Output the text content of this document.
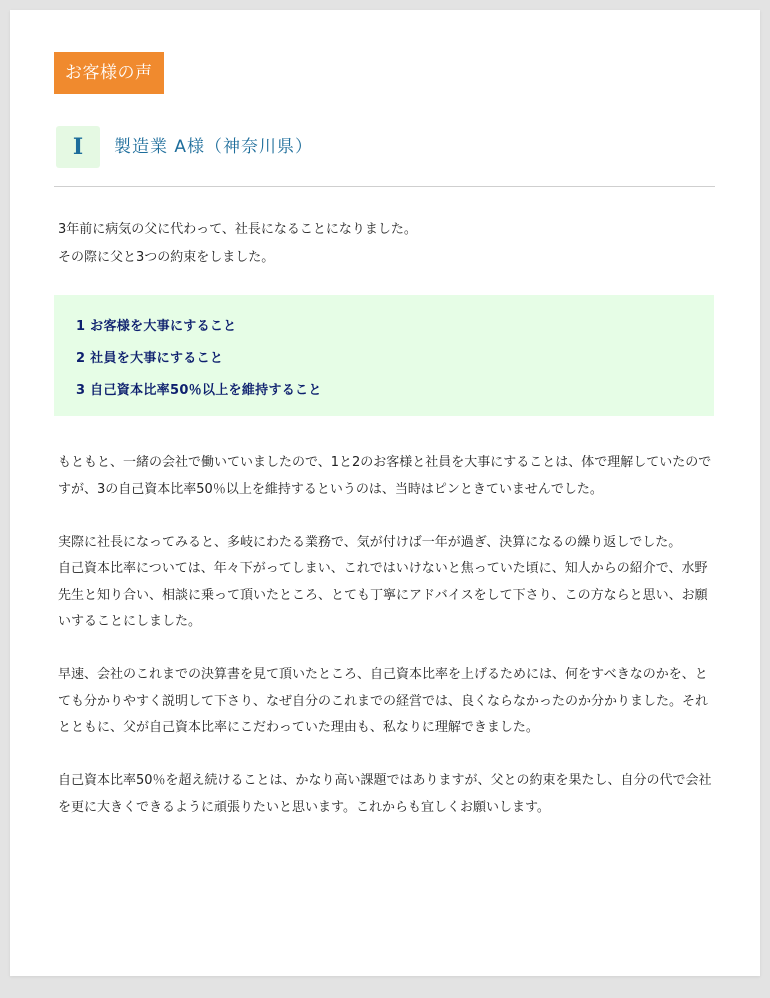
お客様の声
I	製造業 A様（神奈川県）

3年前に病気の父に代わって、社長になることになりました。

その際に父と3つの約束をしました。

1 お客様を大事にすること
2 社員を大事にすること
3 自己資本比率50％以上を維持すること

もともと、一緒の会社で働いていましたので、1と2のお客様と社員を大事にすることは、体で理解していたのですが、3の自己資本比率50％以上を維持するというのは、当時はピンときていませんでした。

実際に社長になってみると、多岐にわたる業務で、気が付けば一年が過ぎ、決算になるの繰り返しでした。

自己資本比率については、年々下がってしまい、これではいけないと焦っていた頃に、知人からの紹介で、水野先生と知り合い、相談に乗って頂いたところ、とても丁寧にアドバイスをして下さり、この方ならと思い、お願いすることにしました。

早速、会社のこれまでの決算書を見て頂いたところ、自己資本比率を上げるためには、何をすべきなのかを、とても分かりやすく説明して下さり、なぜ自分のこれまでの経営では、良くならなかったのか分かりました。それとともに、父が自己資本比率にこだわっていた理由も、私なりに理解できました。

自己資本比率50％を超え続けることは、かなり高い課題ではありますが、父との約束を果たし、自分の代で会社を更に大きくできるように頑張りたいと思います。これからも宜しくお願いします。
